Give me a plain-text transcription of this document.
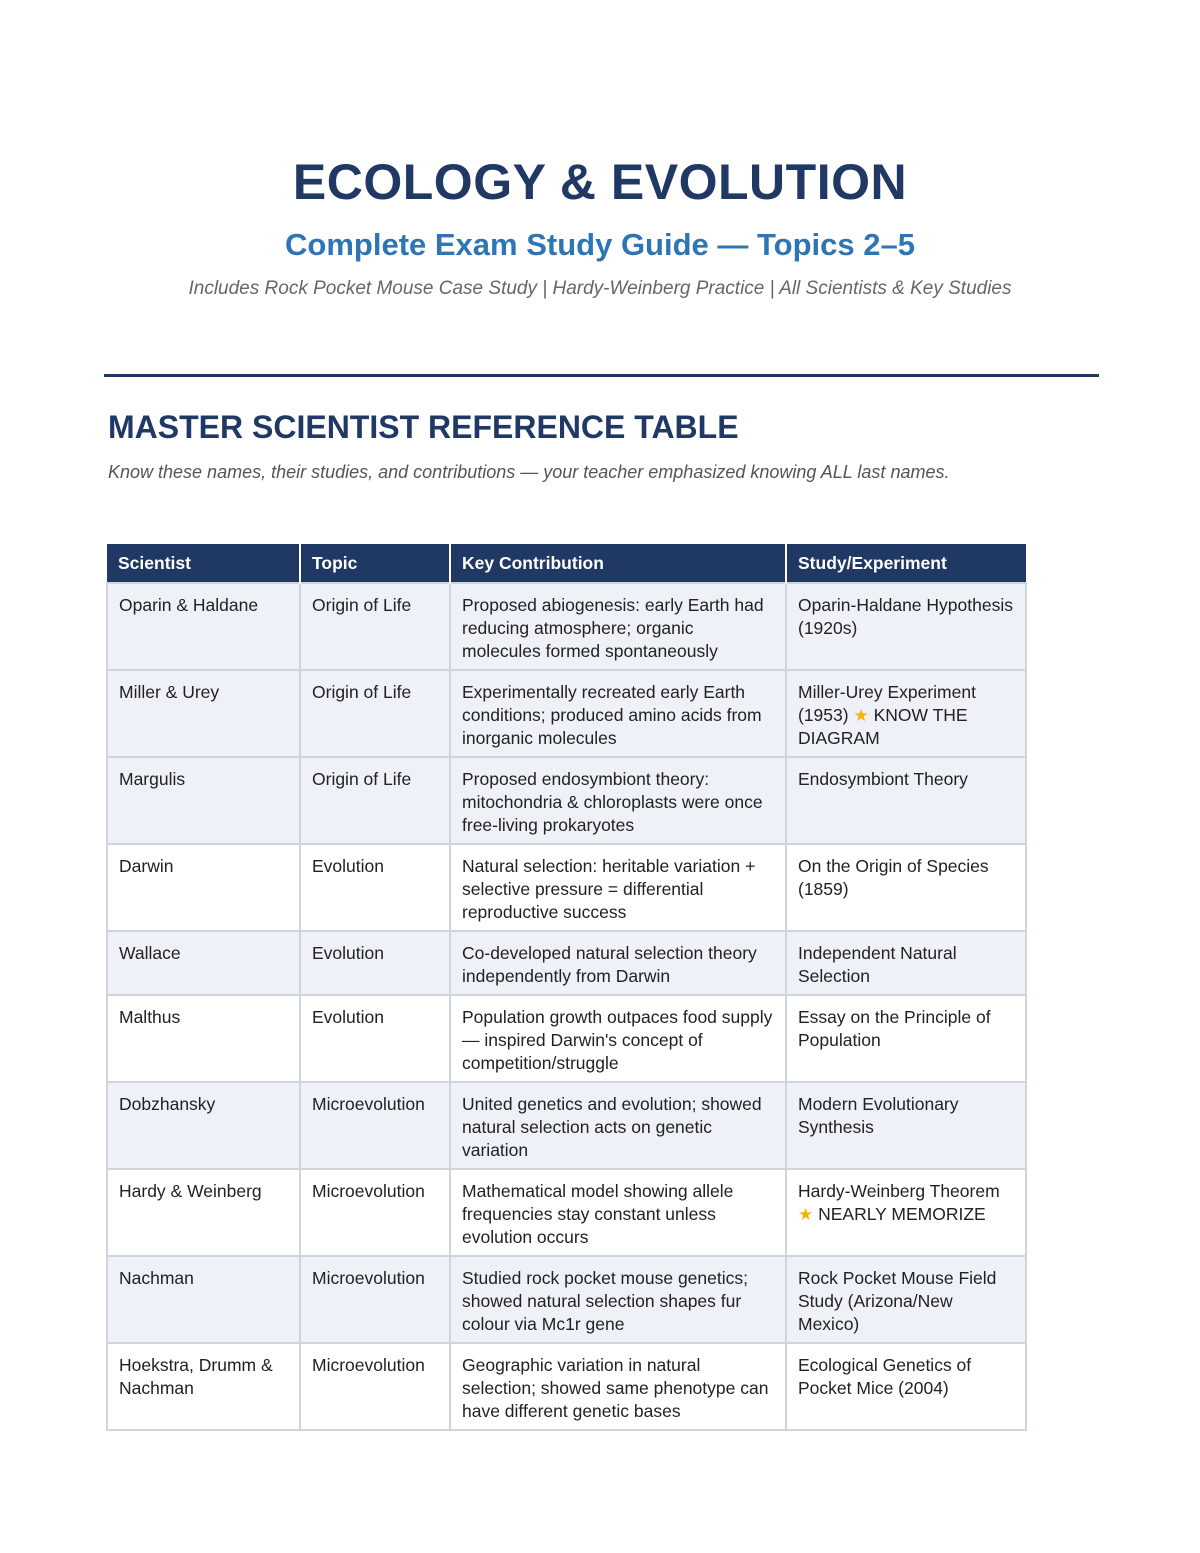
ECOLOGY & EVOLUTION
Complete Exam Study Guide — Topics 2–5
Includes Rock Pocket Mouse Case Study | Hardy-Weinberg Practice | All Scientists & Key Studies
MASTER SCIENTIST REFERENCE TABLE
Know these names, their studies, and contributions — your teacher emphasized knowing ALL last names.
Scientist	Topic	Key Contribution	Study/Experiment
Oparin & Haldane	Origin of Life	Proposed abiogenesis: early Earth had reducing atmosphere; organic molecules formed spontaneously	Oparin-Haldane Hypothesis (1920s)
Miller & Urey	Origin of Life	Experimentally recreated early Earth conditions; produced amino acids from inorganic molecules	Miller-Urey Experiment (1953) ★ KNOW THE DIAGRAM
Margulis	Origin of Life	Proposed endosymbiont theory: mitochondria & chloroplasts were once free-living prokaryotes	Endosymbiont Theory
Darwin	Evolution	Natural selection: heritable variation + selective pressure = differential reproductive success	On the Origin of Species (1859)
Wallace	Evolution	Co-developed natural selection theory independently from Darwin	Independent Natural Selection
Malthus	Evolution	Population growth outpaces food supply — inspired Darwin's concept of competition/struggle	Essay on the Principle of Population
Dobzhansky	Microevolution	United genetics and evolution; showed natural selection acts on genetic variation	Modern Evolutionary Synthesis
Hardy & Weinberg	Microevolution	Mathematical model showing allele frequencies stay constant unless evolution occurs	Hardy-Weinberg Theorem ★ NEARLY MEMORIZE
Nachman	Microevolution	Studied rock pocket mouse genetics; showed natural selection shapes fur colour via Mc1r gene	Rock Pocket Mouse Field Study (Arizona/New Mexico)
Hoekstra, Drumm & Nachman	Microevolution	Geographic variation in natural selection; showed same phenotype can have different genetic bases	Ecological Genetics of Pocket Mice (2004)
